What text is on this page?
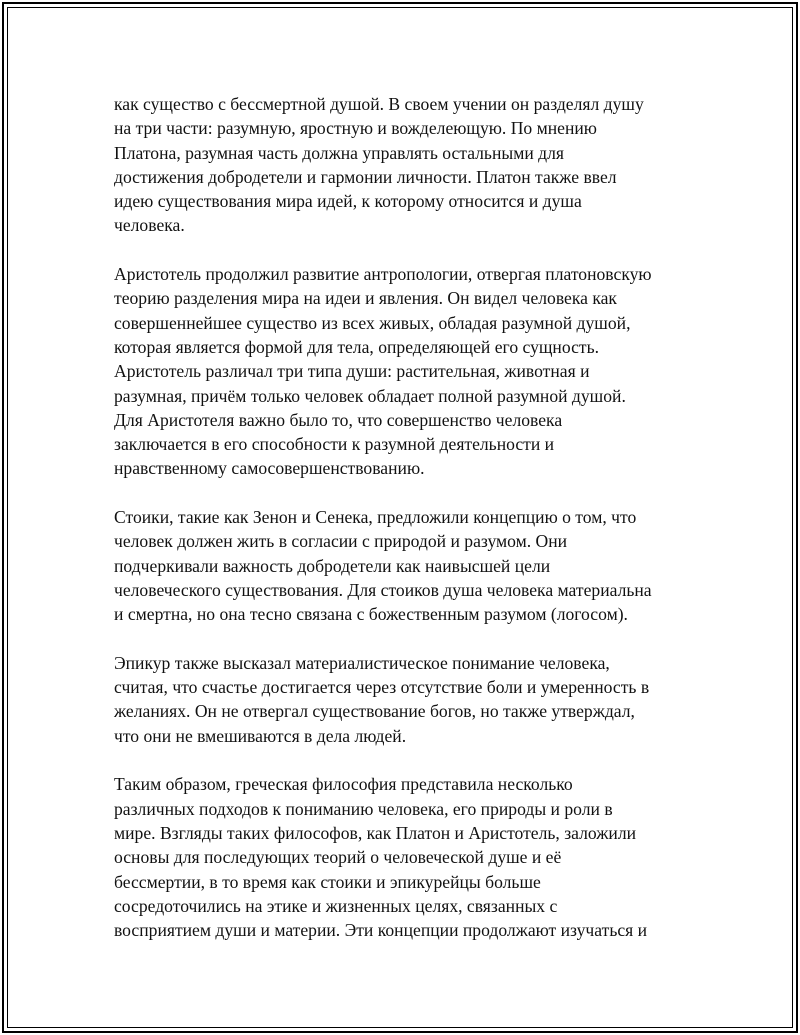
как существо с бессмертной душой. В своем учении он разделял душу
на три части: разумную, яростную и вожделеющую. По мнению
Платона, разумная часть должна управлять остальными для
достижения добродетели и гармонии личности. Платон также ввел
идею существования мира идей, к которому относится и душа
человека.
Аристотель продолжил развитие антропологии, отвергая платоновскую
теорию разделения мира на идеи и явления. Он видел человека как
совершеннейшее существо из всех живых, обладая разумной душой,
которая является формой для тела, определяющей его сущность.
Аристотель различал три типа души: растительная, животная и
разумная, причём только человек обладает полной разумной душой.
Для Аристотеля важно было то, что совершенство человека
заключается в его способности к разумной деятельности и
нравственному самосовершенствованию.
Стоики, такие как Зенон и Сенека, предложили концепцию о том, что
человек должен жить в согласии с природой и разумом. Они
подчеркивали важность добродетели как наивысшей цели
человеческого существования. Для стоиков душа человека материальна
и смертна, но она тесно связана с божественным разумом (логосом).
Эпикур также высказал материалистическое понимание человека,
считая, что счастье достигается через отсутствие боли и умеренность в
желаниях. Он не отвергал существование богов, но также утверждал,
что они не вмешиваются в дела людей.
Таким образом, греческая философия представила несколько
различных подходов к пониманию человека, его природы и роли в
мире. Взгляды таких философов, как Платон и Аристотель, заложили
основы для последующих теорий о человеческой душе и её
бессмертии, в то время как стоики и эпикурейцы больше
сосредоточились на этике и жизненных целях, связанных с
восприятием души и материи. Эти концепции продолжают изучаться и
